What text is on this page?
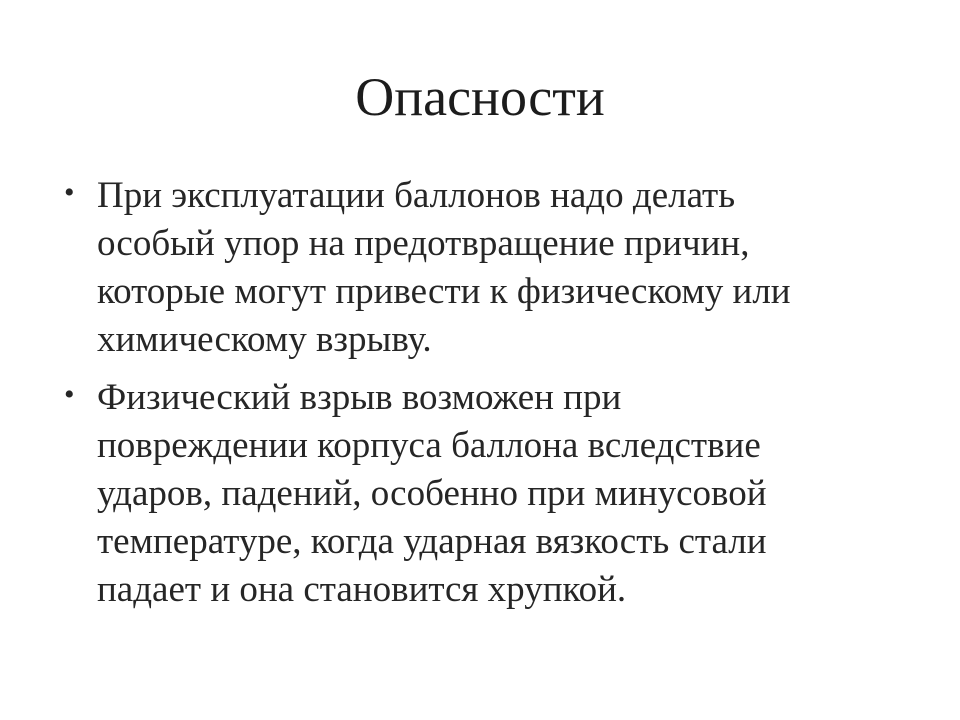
Опасности
• При эксплуатации баллонов надо делать
особый упор на предотвращение причин,
которые могут привести к физическому или
химическому взрыву.
• Физический взрыв возможен при
повреждении корпуса баллона вследствие
ударов, падений, особенно при минусовой
температуре, когда ударная вязкость стали
падает и она становится хрупкой.
